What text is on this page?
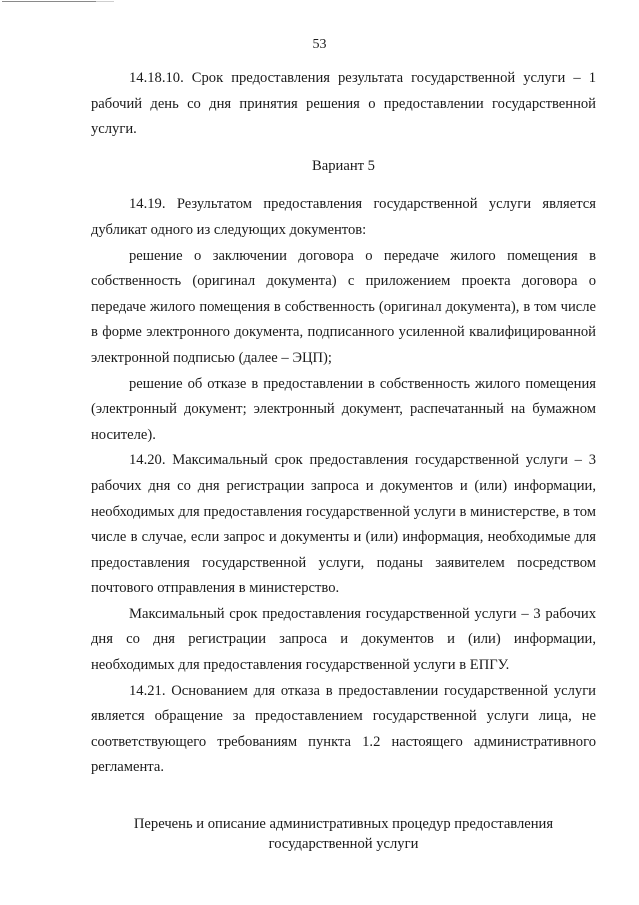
53

14.18.10. Срок предоставления результата государственной услуги – 1 рабочий день со дня принятия решения о предоставлении государственной услуги.

Вариант 5

14.19. Результатом предоставления государственной услуги является дубликат одного из следующих документов:

решение о заключении договора о передаче жилого помещения в собственность (оригинал документа) с приложением проекта договора о передаче жилого помещения в собственность (оригинал документа), в том числе в форме электронного документа, подписанного усиленной квалифицированной электронной подписью (далее – ЭЦП);

решение об отказе в предоставлении в собственность жилого помещения (электронный документ; электронный документ, распечатанный на бумажном носителе).

14.20. Максимальный срок предоставления государственной услуги – 3 рабочих дня со дня регистрации запроса и документов и (или) информации, необходимых для предоставления государственной услуги в министерстве, в том числе в случае, если запрос и документы и (или) информация, необходимые для предоставления государственной услуги, поданы заявителем посредством почтового отправления в министерство.

Максимальный срок предоставления государственной услуги – 3 рабочих дня со дня регистрации запроса и документов и (или) информации, необходимых для предоставления государственной услуги в ЕПГУ.

14.21. Основанием для отказа в предоставлении государственной услуги является обращение за предоставлением государственной услуги лица, не соответствующего требованиям пункта 1.2 настоящего административного регламента.

Перечень и описание административных процедур предоставления

государственной услуги
